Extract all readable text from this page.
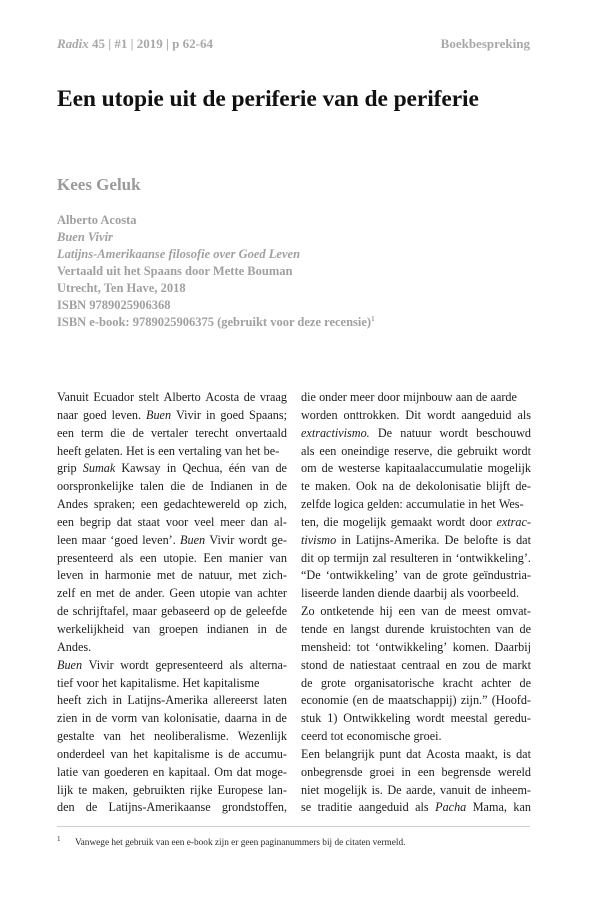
Radix 45 | #1 | 2019 | p 62-64	Boekbespreking
Een utopie uit de periferie van de periferie
Kees Geluk
Alberto Acosta
Buen Vivir
Latijns-Amerikaanse filosofie over Goed Leven
Vertaald uit het Spaans door Mette Bouman
Utrecht, Ten Have, 2018
ISBN 9789025906368
ISBN e-book: 9789025906375 (gebruikt voor deze recensie)$^1$
Vanuit Ecuador stelt Alberto Acosta de vraag
naar goed leven. Buen Vivir in goed Spaans;
een term die de vertaler terecht onvertaald
heeft gelaten. Het is een vertaling van het be-
grip Sumak Kawsay in Qechua, één van de
oorspronkelijke talen die de Indianen in de
Andes spraken; een gedachtewereld op zich,
een begrip dat staat voor veel meer dan al-
leen maar ‘goed leven’. Buen Vivir wordt ge-
presenteerd als een utopie. Een manier van
leven in harmonie met de natuur, met zich-
zelf en met de ander. Geen utopie van achter
de schrijftafel, maar gebaseerd op de geleefde
werkelijkheid van groepen indianen in de
Andes.
Buen Vivir wordt gepresenteerd als alterna-
tief voor het kapitalisme. Het kapitalisme
heeft zich in Latijns-Amerika allereerst laten
zien in de vorm van kolonisatie, daarna in de
gestalte van het neoliberalisme. Wezenlijk
onderdeel van het kapitalisme is de accumu-
latie van goederen en kapitaal. Om dat moge-
lijk te maken, gebruikten rijke Europese lan-
den de Latijns-Amerikaanse grondstoffen,
die onder meer door mijnbouw aan de aarde
worden onttrokken. Dit wordt aangeduid als
extractivismo. De natuur wordt beschouwd
als een oneindige reserve, die gebruikt wordt
om de westerse kapitaalaccumulatie mogelijk
te maken. Ook na de dekolonisatie blijft de-
zelfde logica gelden: accumulatie in het Wes-
ten, die mogelijk gemaakt wordt door extrac-
tivismo in Latijns-Amerika. De belofte is dat
dit op termijn zal resulteren in ‘ontwikkeling’.
“De ‘ontwikkeling’ van de grote geïndustria-
liseerde landen diende daarbij als voorbeeld.
Zo ontketende hij een van de meest omvat-
tende en langst durende kruistochten van de
mensheid: tot ‘ontwikkeling’ komen. Daarbij
stond de natiestaat centraal en zou de markt
de grote organisatorische kracht achter de
economie (en de maatschappij) zijn.” (Hoofd-
stuk 1) Ontwikkeling wordt meestal geredu-
ceerd tot economische groei.
Een belangrijk punt dat Acosta maakt, is dat
onbegrensde groei in een begrensde wereld
niet mogelijk is. De aarde, vanuit de inheem-
se traditie aangeduid als Pacha Mama, kan
1 Vanwege het gebruik van een e-book zijn er geen paginanummers bij de citaten vermeld.
